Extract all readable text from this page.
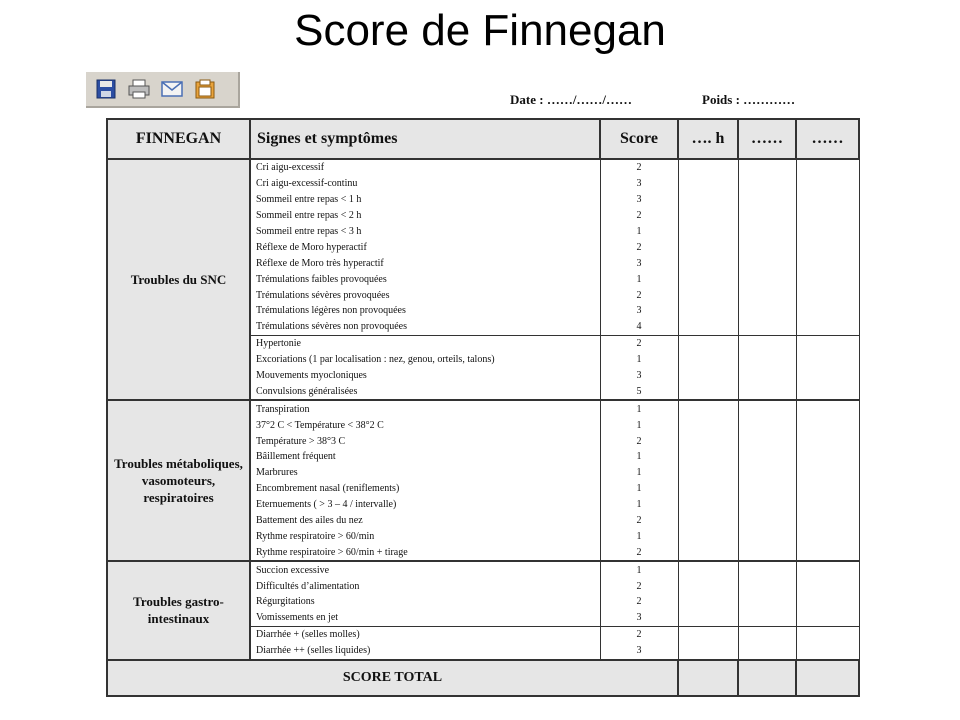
Score de Finnegan
Date : ……/……/……	Poids : …………
FINNEGAN	Signes et symptômes	Score	…. h	……	……
Troubles du SNC	Cri aigu-excessif	2			
	Cri aigu-excessif-continu	3			
	Sommeil entre repas < 1 h	3			
	Sommeil entre repas < 2 h	2			
	Sommeil entre repas < 3 h	1			
	Réflexe de Moro hyperactif	2			
	Réflexe de Moro très hyperactif	3			
	Trémulations faibles provoquées	1			
	Trémulations sévères provoquées	2			
	Trémulations légères non provoquées	3			
	Trémulations sévères non provoquées	4			
	Hypertonie	2			
	Excoriations (1 par localisation : nez, genou, orteils, talons)	1			
	Mouvements myocloniques	3			
	Convulsions généralisées	5			
Troubles métaboliques, vasomoteurs, respiratoires	Transpiration	1			
	37°2 C < Température < 38°2 C	1			
	Température > 38°3 C	2			
	Bâillement fréquent	1			
	Marbrures	1			
	Encombrement nasal (reniflements)	1			
	Eternuements ( > 3 – 4 / intervalle)	1			
	Battement des ailes du nez	2			
	Rythme respiratoire > 60/min	1			
	Rythme respiratoire > 60/min + tirage	2			
Troubles gastro-intestinaux	Succion excessive	1			
	Difficultés d’alimentation	2			
	Régurgitations	2			
	Vomissements en jet	3			
	Diarrhée + (selles molles)	2			
	Diarrhée ++ (selles liquides)	3			
SCORE TOTAL					
